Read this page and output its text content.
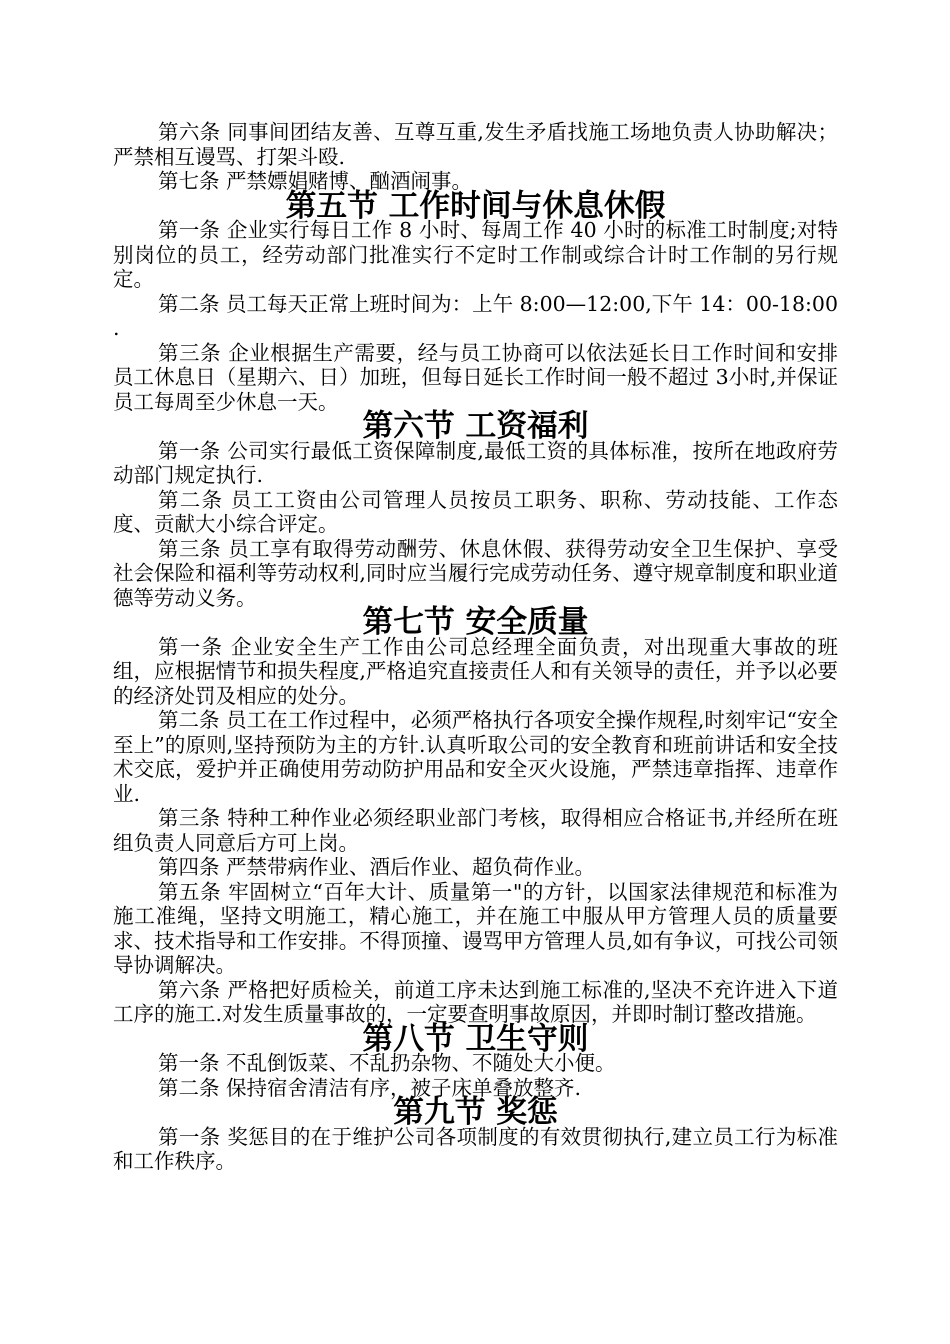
第六条 同事间团结友善、互尊互重,发生矛盾找施工场地负责人协助解决；严禁相互谩骂、打架斗殴.

第七条 严禁嫖娼赌博、酗酒闹事。

第五节 工作时间与休息休假

第一条 企业实行每日工作 8 小时、每周工作 40 小时的标准工时制度;对特别岗位的员工，经劳动部门批准实行不定时工作制或综合计时工作制的另行规定。

第二条 员工每天正常上班时间为：上午 8:00—12:00,下午 14：00-18:00 .

第三条 企业根据生产需要，经与员工协商可以依法延长日工作时间和安排员工休息日（星期六、日）加班，但每日延长工作时间一般不超过 3小时,并保证员工每周至少休息一天。

第六节 工资福利

第一条 公司实行最低工资保障制度,最低工资的具体标准，按所在地政府劳动部门规定执行.

第二条 员工工资由公司管理人员按员工职务、职称、劳动技能、工作态度、贡献大小综合评定。

第三条 员工享有取得劳动酬劳、休息休假、获得劳动安全卫生保护、享受社会保险和福利等劳动权利,同时应当履行完成劳动任务、遵守规章制度和职业道德等劳动义务。

第七节 安全质量

第一条 企业安全生产工作由公司总经理全面负责，对出现重大事故的班组，应根据情节和损失程度,严格追究直接责任人和有关领导的责任，并予以必要的经济处罚及相应的处分。

第二条 员工在工作过程中，必须严格执行各项安全操作规程,时刻牢记“安全至上”的原则,坚持预防为主的方针.认真听取公司的安全教育和班前讲话和安全技术交底，爱护并正确使用劳动防护用品和安全灭火设施，严禁违章指挥、违章作业.

第三条 特种工种作业必须经职业部门考核，取得相应合格证书,并经所在班组负责人同意后方可上岗。

第四条 严禁带病作业、酒后作业、超负荷作业。

第五条 牢固树立“百年大计、质量第一"的方针，以国家法律规范和标准为施工准绳，坚持文明施工，精心施工，并在施工中服从甲方管理人员的质量要求、技术指导和工作安排。不得顶撞、谩骂甲方管理人员,如有争议，可找公司领导协调解决。

第六条 严格把好质检关，前道工序未达到施工标准的,坚决不充许进入下道工序的施工.对发生质量事故的，一定要查明事故原因，并即时制订整改措施。

第八节 卫生守则

第一条 不乱倒饭菜、不乱扔杂物、不随处大小便。

第二条 保持宿舍清洁有序，被子床单叠放整齐.

第九节 奖惩

第一条 奖惩目的在于维护公司各项制度的有效贯彻执行,建立员工行为标准和工作秩序。
